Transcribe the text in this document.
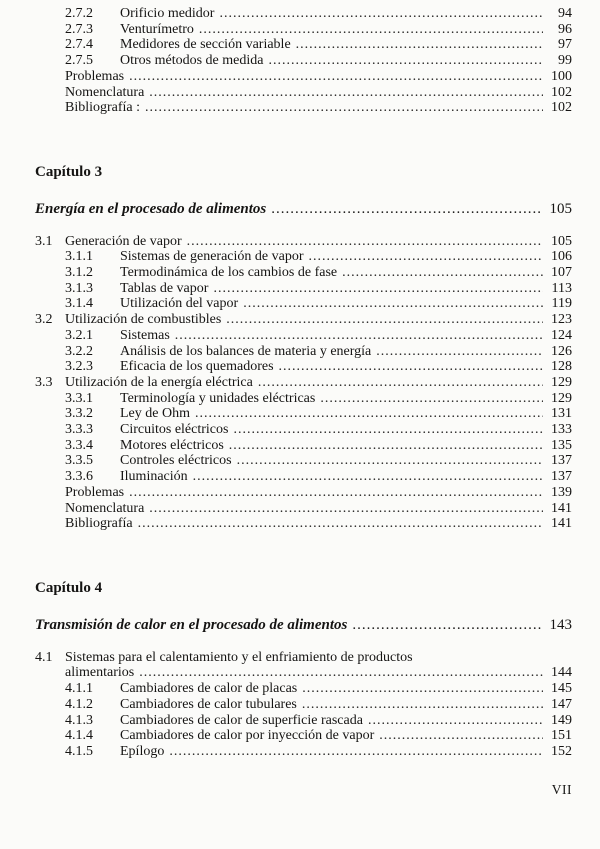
2.7.2	Orificio medidor .....	94
2.7.3	Venturímetro .....	96
2.7.4	Medidores de sección variable .....	97
2.7.5	Otros métodos de medida .....	99
Problemas .....	100
Nomenclatura .....	102
Bibliografía : .....	102
Capítulo 3
Energía en el procesado de alimentos .....	105
3.1 Generación de vapor .....	105
3.1.1	Sistemas de generación de vapor .....	106
3.1.2	Termodinámica de los cambios de fase .....	107
3.1.3	Tablas de vapor .....	113
3.1.4	Utilización del vapor .....	119
3.2 Utilización de combustibles .....	123
3.2.1	Sistemas .....	124
3.2.2	Análisis de los balances de materia y energía .....	126
3.2.3	Eficacia de los quemadores .....	128
3.3 Utilización de la energía eléctrica .....	129
3.3.1	Terminología y unidades eléctricas .....	129
3.3.2	Ley de Ohm .....	131
3.3.3	Circuitos eléctricos .....	133
3.3.4	Motores eléctricos .....	135
3.3.5	Controles eléctricos .....	137
3.3.6	Iluminación .....	137
Problemas .....	139
Nomenclatura .....	141
Bibliografía .....	141
Capítulo 4
Transmisión de calor en el procesado de alimentos .....	143
4.1 Sistemas para el calentamiento y el enfriamiento de productos
alimentarios .....	144
4.1.1	Cambiadores de calor de placas .....	145
4.1.2	Cambiadores de calor tubulares .....	147
4.1.3	Cambiadores de calor de superficie rascada .....	149
4.1.4	Cambiadores de calor por inyección de vapor .....	151
4.1.5	Epílogo .....	152
VII
